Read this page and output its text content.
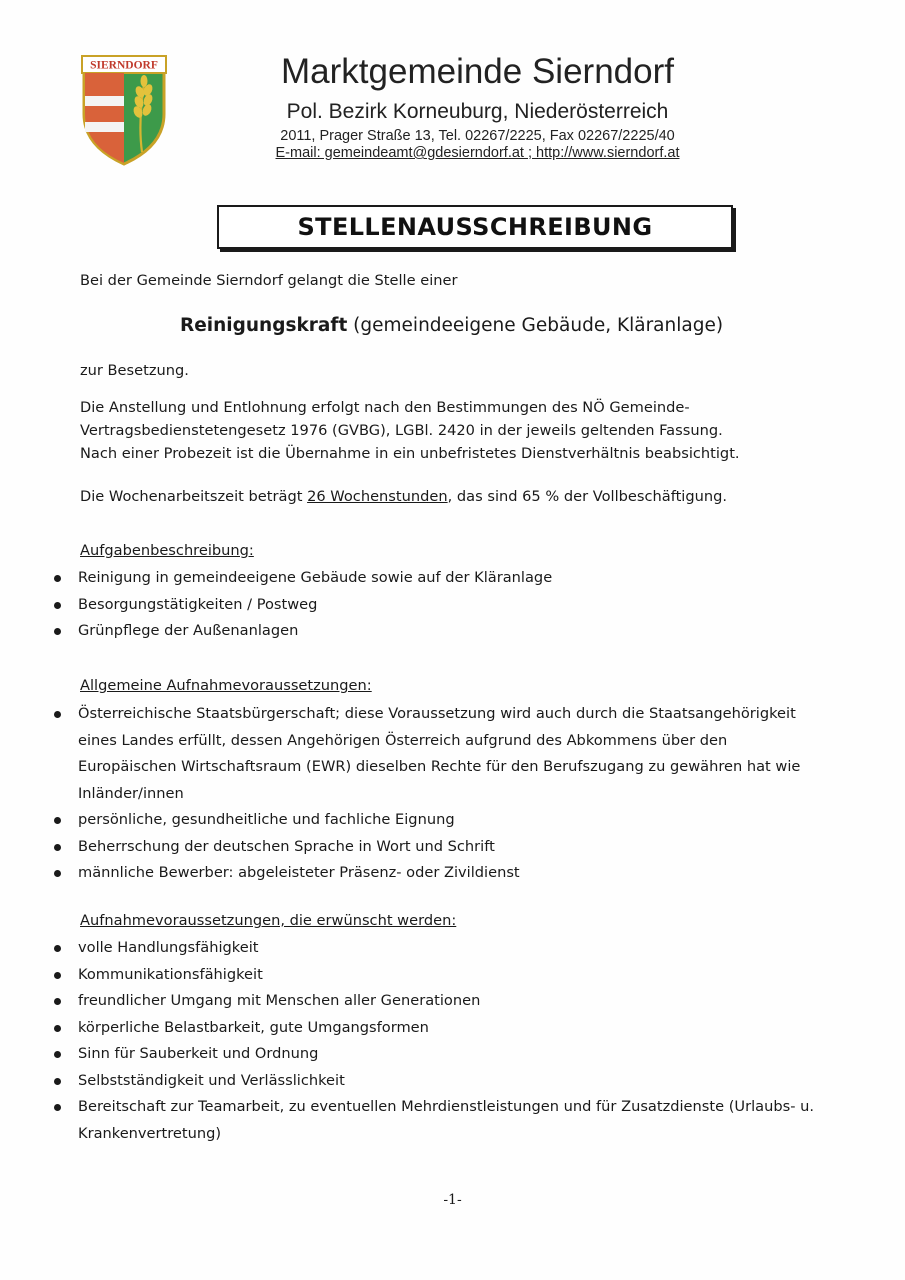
SIERNDORF	Marktgemeinde Sierndorf
Pol. Bezirk Korneuburg, Niederösterreich
2011, Prager Straße 13, Tel. 02267/2225, Fax 02267/2225/40
E-mail: gemeindeamt@gdesierndorf.at ; http://www.sierndorf.at
STELLENAUSSCHREIBUNG
Bei der Gemeinde Sierndorf gelangt die Stelle einer
Reinigungskraft (gemeindeeigene Gebäude, Kläranlage)
zur Besetzung.
Die Anstellung und Entlohnung erfolgt nach den Bestimmungen des NÖ Gemeinde-
Vertragsbedienstetengesetz 1976 (GVBG), LGBl. 2420 in der jeweils geltenden Fassung.
Nach einer Probezeit ist die Übernahme in ein unbefristetes Dienstverhältnis beabsichtigt.
Die Wochenarbeitszeit beträgt 26 Wochenstunden, das sind 65 % der Vollbeschäftigung.
Aufgabenbeschreibung:
Reinigung in gemeindeeigene Gebäude sowie auf der Kläranlage
Besorgungstätigkeiten / Postweg
Grünpflege der Außenanlagen
Allgemeine Aufnahmevoraussetzungen:
Österreichische Staatsbürgerschaft; diese Voraussetzung wird auch durch die Staatsangehörigkeit eines Landes erfüllt, dessen Angehörigen Österreich aufgrund des Abkommens über den Europäischen Wirtschaftsraum (EWR) dieselben Rechte für den Berufszugang zu gewähren hat wie Inländer/innen
persönliche, gesundheitliche und fachliche Eignung
Beherrschung der deutschen Sprache in Wort und Schrift
männliche Bewerber: abgeleisteter Präsenz- oder Zivildienst
Aufnahmevoraussetzungen, die erwünscht werden:
volle Handlungsfähigkeit
Kommunikationsfähigkeit
freundlicher Umgang mit Menschen aller Generationen
körperliche Belastbarkeit, gute Umgangsformen
Sinn für Sauberkeit und Ordnung
Selbstständigkeit und Verlässlichkeit
Bereitschaft zur Teamarbeit, zu eventuellen Mehrdienstleistungen und für Zusatzdienste (Urlaubs- u. Krankenvertretung)
-1-
